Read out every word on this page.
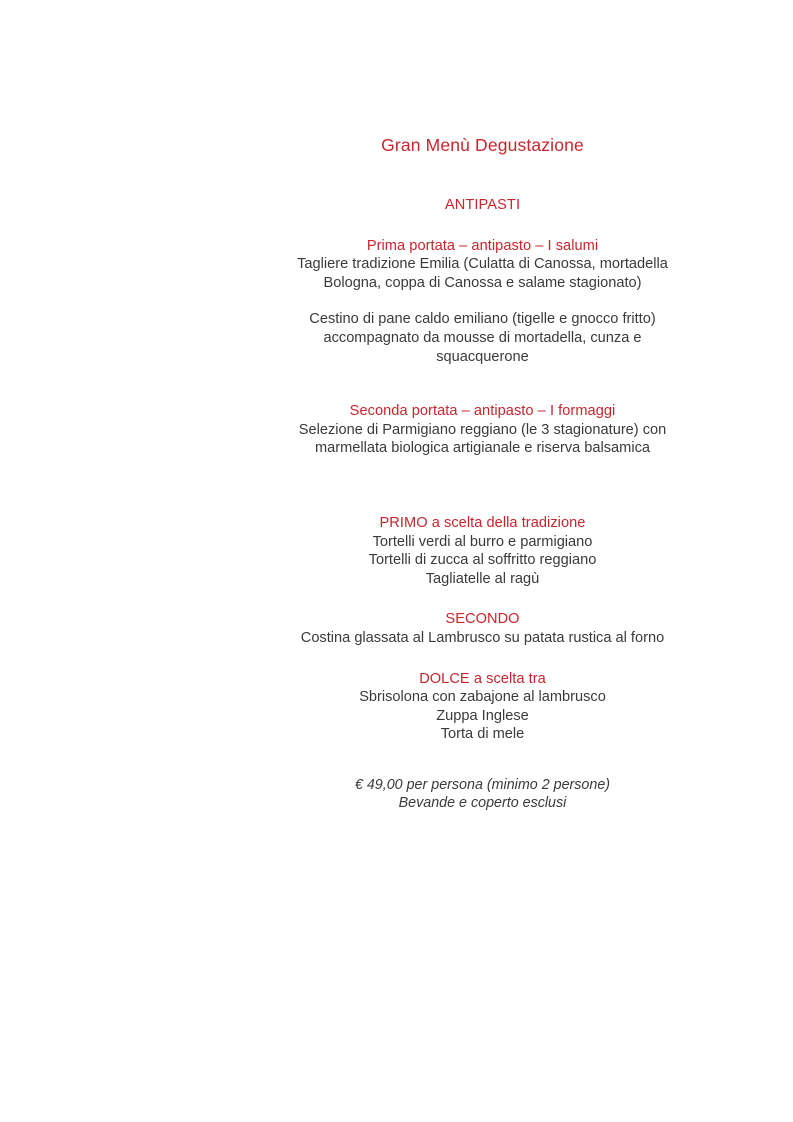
Gran Menù Degustazione
ANTIPASTI
Prima portata – antipasto – I salumi
Tagliere tradizione Emilia (Culatta di Canossa, mortadella
Bologna, coppa di Canossa e salame stagionato)
Cestino di pane caldo emiliano (tigelle e gnocco fritto)
accompagnato da mousse di mortadella, cunza e
squacquerone
Seconda portata – antipasto – I formaggi
Selezione di Parmigiano reggiano (le 3 stagionature) con
marmellata biologica artigianale e riserva balsamica
PRIMO a scelta della tradizione
Tortelli verdi al burro e parmigiano
Tortelli di zucca al soffritto reggiano
Tagliatelle al ragù
SECONDO
Costina glassata al Lambrusco su patata rustica al forno
DOLCE a scelta tra
Sbrisolona con zabajone al lambrusco
Zuppa Inglese
Torta di mele
€ 49,00 per persona (minimo 2 persone)
Bevande e coperto esclusi
